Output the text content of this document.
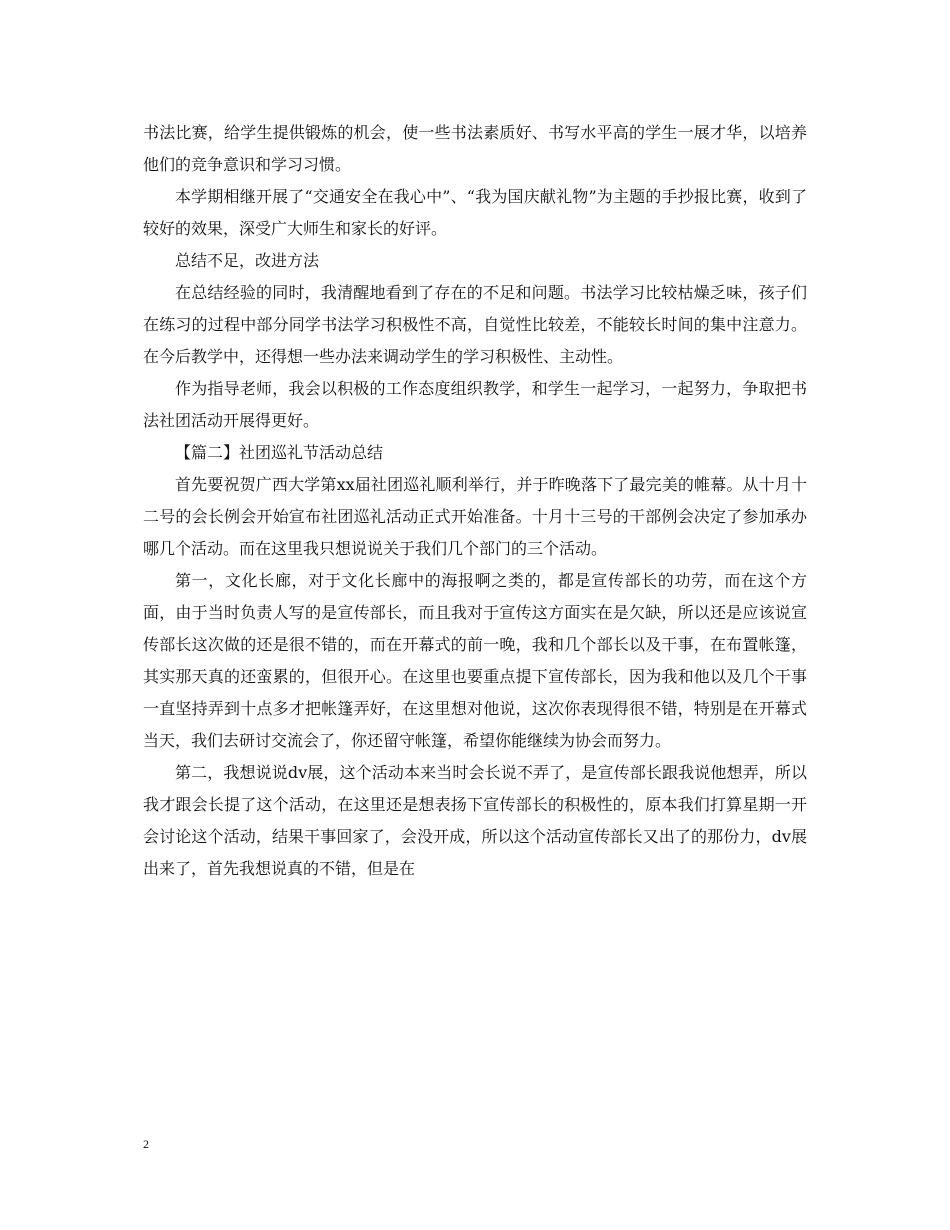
书法比赛，给学生提供锻炼的机会，使一些书法素质好、书写水平高的学生一展才华，以培养他们的竞争意识和学习习惯。

本学期相继开展了“交通安全在我心中”、“我为国庆献礼物”为主题的手抄报比赛，收到了较好的效果，深受广大师生和家长的好评。

总结不足，改进方法

在总结经验的同时，我清醒地看到了存在的不足和问题。书法学习比较枯燥乏味，孩子们在练习的过程中部分同学书法学习积极性不高，自觉性比较差，不能较长时间的集中注意力。在今后教学中，还得想一些办法来调动学生的学习积极性、主动性。

作为指导老师，我会以积极的工作态度组织教学，和学生一起学习，一起努力，争取把书法社团活动开展得更好。

【篇二】社团巡礼节活动总结

首先要祝贺广西大学第xx届社团巡礼顺利举行，并于昨晚落下了最完美的帷幕。从十月十二号的会长例会开始宣布社团巡礼活动正式开始准备。十月十三号的干部例会决定了参加承办哪几个活动。而在这里我只想说说关于我们几个部门的三个活动。

第一，文化长廊，对于文化长廊中的海报啊之类的，都是宣传部长的功劳，而在这个方面，由于当时负责人写的是宣传部长，而且我对于宣传这方面实在是欠缺，所以还是应该说宣传部长这次做的还是很不错的，而在开幕式的前一晚，我和几个部长以及干事，在布置帐篷，其实那天真的还蛮累的，但很开心。在这里也要重点提下宣传部长，因为我和他以及几个干事一直坚持弄到十点多才把帐篷弄好，在这里想对他说，这次你表现得很不错，特别是在开幕式当天，我们去研讨交流会了，你还留守帐篷，希望你能继续为协会而努力。

第二，我想说说dv展，这个活动本来当时会长说不弄了，是宣传部长跟我说他想弄，所以我才跟会长提了这个活动，在这里还是想表扬下宣传部长的积极性的，原本我们打算星期一开会讨论这个活动，结果干事回家了，会没开成，所以这个活动宣传部长又出了的那份力，dv展出来了，首先我想说真的不错，但是在

2
